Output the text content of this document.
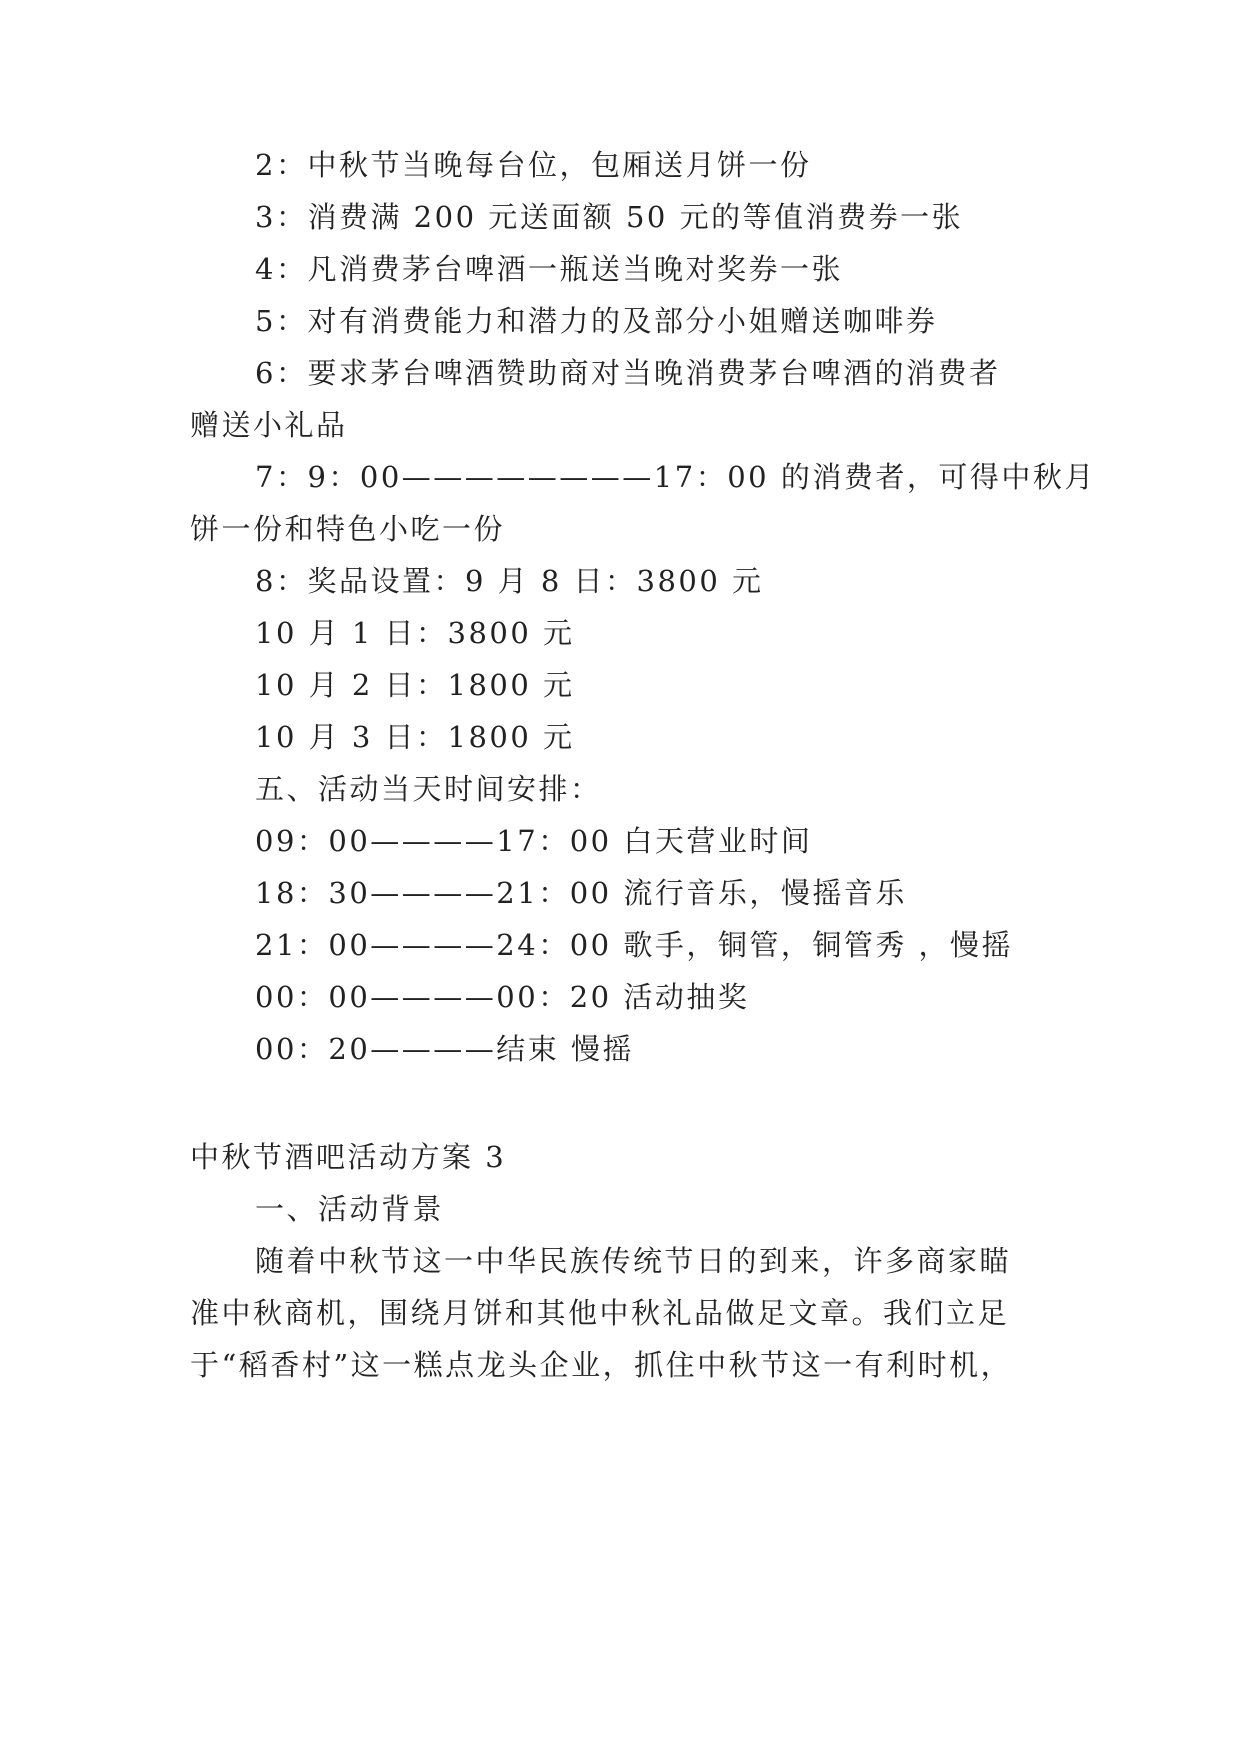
2：中秋节当晚每台位，包厢送月饼一份
3：消费满 200 元送面额 50 元的等值消费券一张
4：凡消费茅台啤酒一瓶送当晚对奖券一张
5：对有消费能力和潜力的及部分小姐赠送咖啡券
6：要求茅台啤酒赞助商对当晚消费茅台啤酒的消费者
赠送小礼品
7：9：00————————17：00 的消费者，可得中秋月
饼一份和特色小吃一份
8：奖品设置：9 月 8 日：3800 元
10 月 1 日：3800 元
10 月 2 日：1800 元
10 月 3 日：1800 元
五、活动当天时间安排：
09：00————17：00 白天营业时间
18：30————21：00 流行音乐，慢摇音乐
21：00————24：00 歌手，铜管，铜管秀 ，慢摇
00：00————00：20 活动抽奖
00：20————结束 慢摇
中秋节酒吧活动方案 3
一、活动背景
随着中秋节这一中华民族传统节日的到来，许多商家瞄
准中秋商机，围绕月饼和其他中秋礼品做足文章。我们立足
于“稻香村”这一糕点龙头企业，抓住中秋节这一有利时机，
